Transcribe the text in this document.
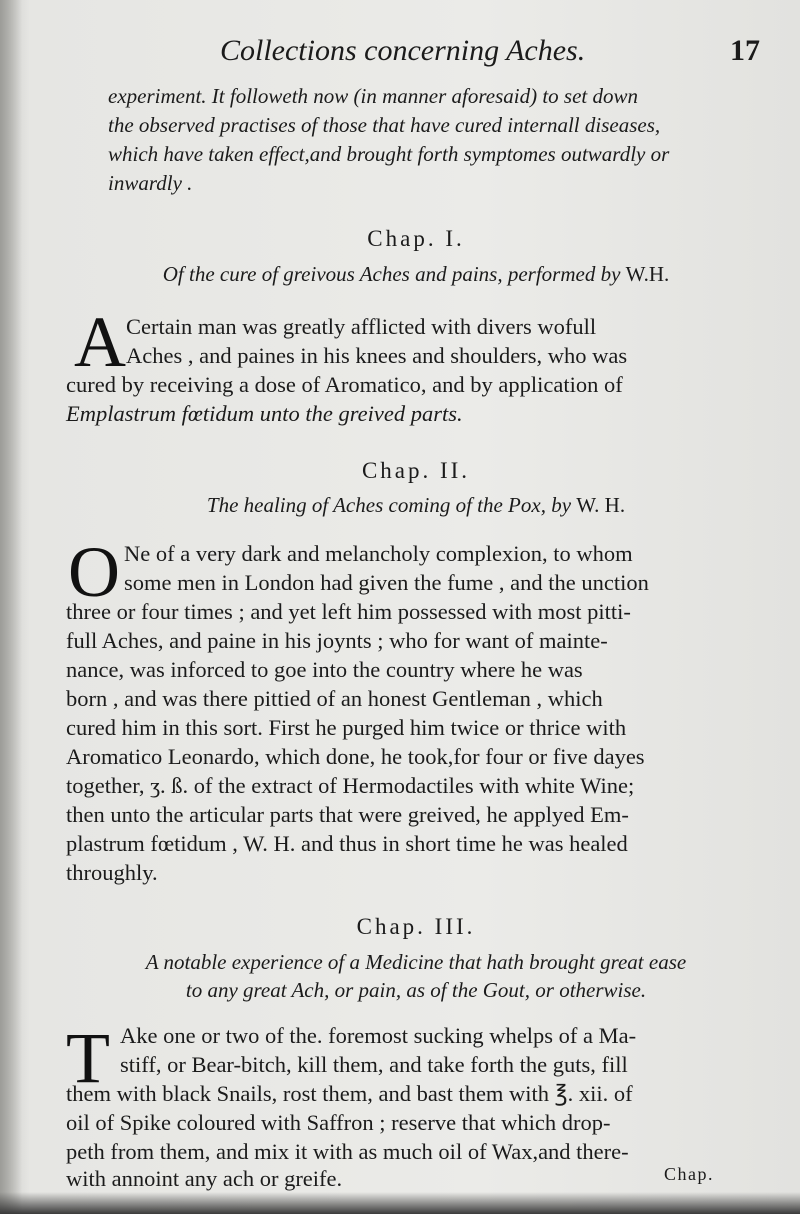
Collections concerning Aches.	17
experiment. It followeth now (in manner aforesaid) to set down
the observed practises of those that have cured internall diseases,
which have taken effect,and brought forth symptomes outwardly or
inwardly .
Chap. I.
Of the cure of greivous Aches and pains, performed by W.H.
A Certain man was greatly afflicted with divers wofull
Aches , and paines in his knees and shoulders, who was
cured by receiving a dose of Aromatico, and by application of
Emplastrum fœtidum unto the greived parts.
Chap. II.
The healing of Aches coming of the Pox, by W. H.
O Ne of a very dark and melancholy complexion, to whom
some men in London had given the fume , and the unction
three or four times ; and yet left him possessed with most pitti-
full Aches, and paine in his joynts ; who for want of mainte-
nance, was inforced to goe into the country where he was
born , and was there pittied of an honest Gentleman , which
cured him in this sort. First he purged him twice or thrice with
Aromatico Leonardo, which done, he took,for four or five dayes
together, ʒ. ß. of the extract of Hermodactiles with white Wine;
then unto the articular parts that were greived, he applyed Em-
plastrum fœtidum , W. H. and thus in short time he was healed
throughly.
Chap. III.
A notable experience of a Medicine that hath brought great ease
to any great Ach, or pain, as of the Gout, or otherwise.
T Ake one or two of the. foremost sucking whelps of a Ma-
stiff, or Bear-bitch, kill them, and take forth the guts, fill
them with black Snails, rost them, and bast them with ℥. xii. of
oil of Spike coloured with Saffron ; reserve that which drop-
peth from them, and mix it with as much oil of Wax,and there-
with annoint any ach or greife.	Chap.
